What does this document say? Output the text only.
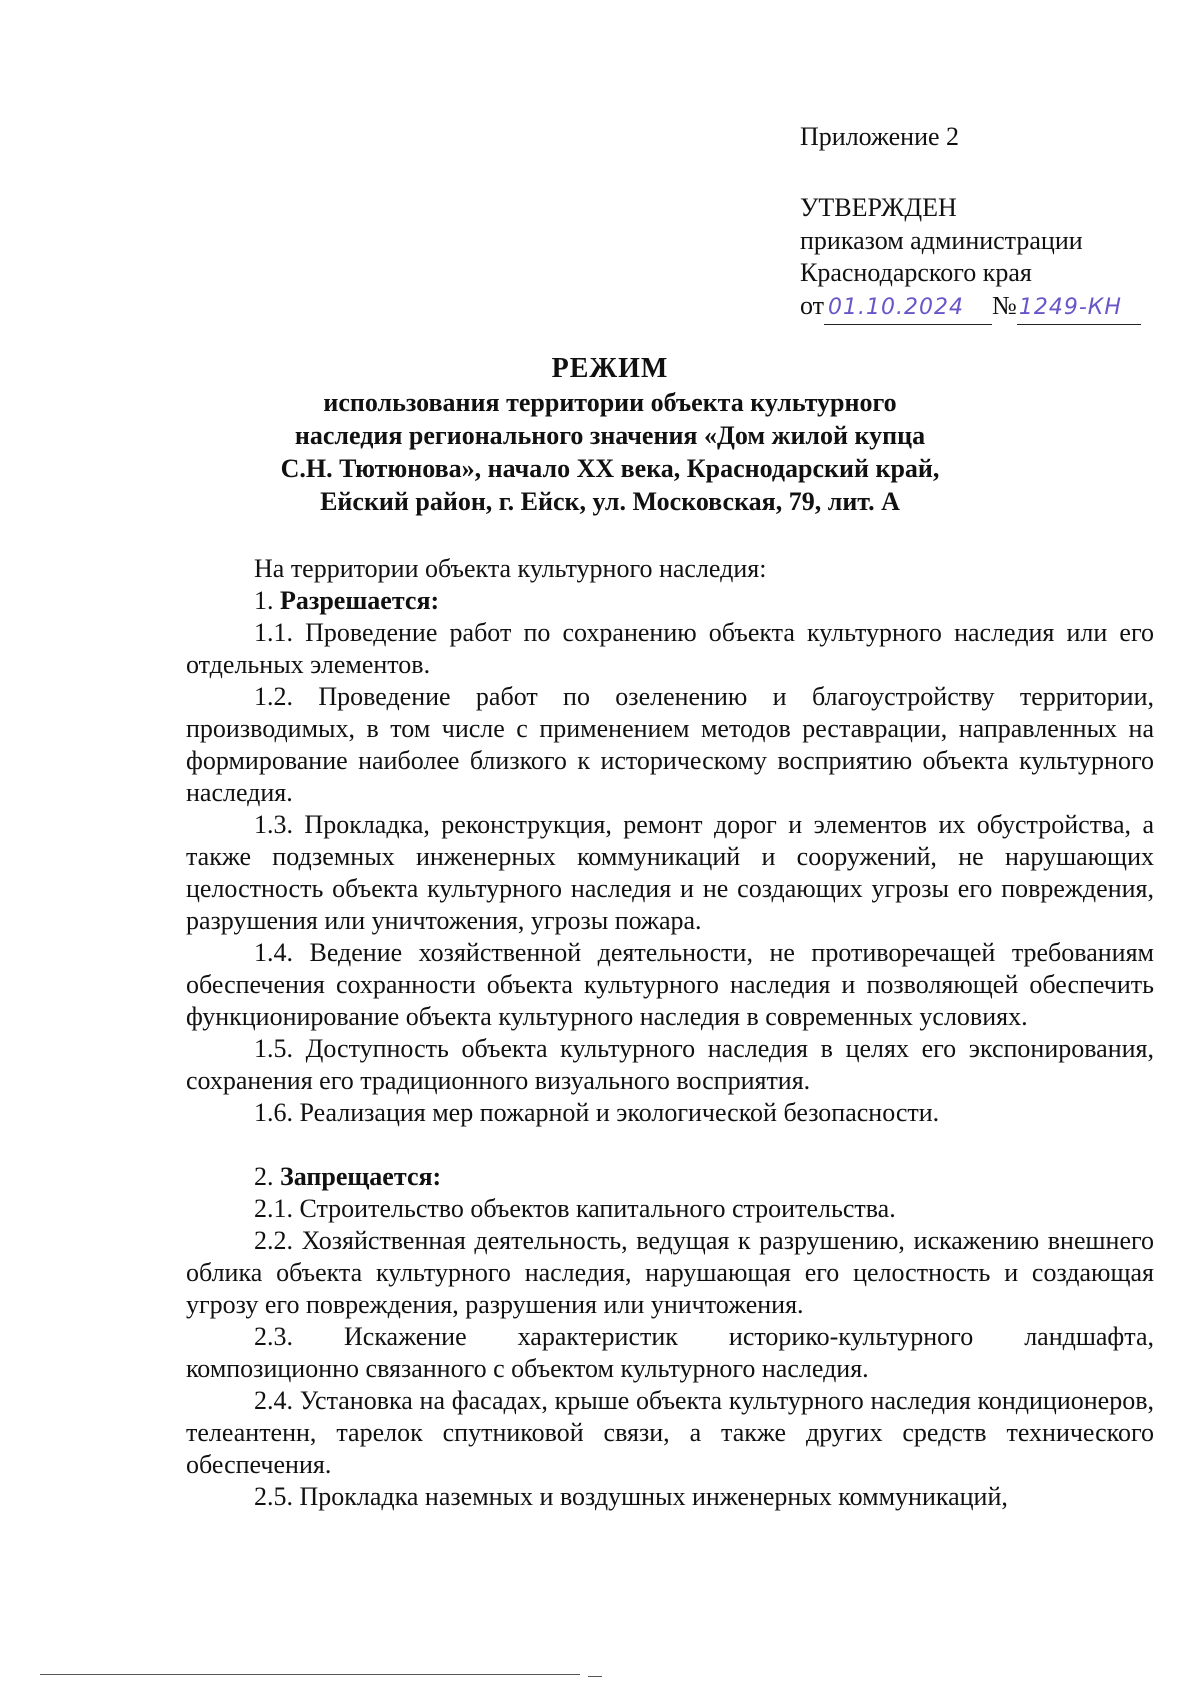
Приложение 2
УТВЕРЖДЕН
приказом администрации
Краснодарского края
от 01.10.2024 №1249-КН
РЕЖИМ
использования территории объекта культурного
наследия регионального значения «Дом жилой купца
С.Н. Тютюнова», начало XX века, Краснодарский край,
Ейский район, г. Ейск, ул. Московская, 79, лит. А

На территории объекта культурного наследия:

1. Разрешается:

1.1. Проведение работ по сохранению объекта культурного наследия или его отдельных элементов.

1.2. Проведение работ по озеленению и благоустройству территории, производимых, в том числе с применением методов реставрации, направленных на формирование наиболее близкого к историческому восприятию объекта культурного наследия.

1.3. Прокладка, реконструкция, ремонт дорог и элементов их обустройства, а также подземных инженерных коммуникаций и сооружений, не нарушающих целостность объекта культурного наследия и не создающих угрозы его повреждения, разрушения или уничтожения, угрозы пожара.

1.4. Ведение хозяйственной деятельности, не противоречащей требованиям обеспечения сохранности объекта культурного наследия и позволяющей обеспечить функционирование объекта культурного наследия в современных условиях.

1.5. Доступность объекта культурного наследия в целях его экспонирования, сохранения его традиционного визуального восприятия.

1.6. Реализация мер пожарной и экологической безопасности.

2. Запрещается:

2.1. Строительство объектов капитального строительства.

2.2. Хозяйственная деятельность, ведущая к разрушению, искажению внешнего облика объекта культурного наследия, нарушающая его целостность и создающая угрозу его повреждения, разрушения или уничтожения.

2.3. Искажение характеристик историко-культурного ландшафта, композиционно связанного с объектом культурного наследия.

2.4. Установка на фасадах, крыше объекта культурного наследия кондиционеров, телеантенн, тарелок спутниковой связи, а также других средств технического обеспечения.

2.5. Прокладка наземных и воздушных инженерных коммуникаций,
